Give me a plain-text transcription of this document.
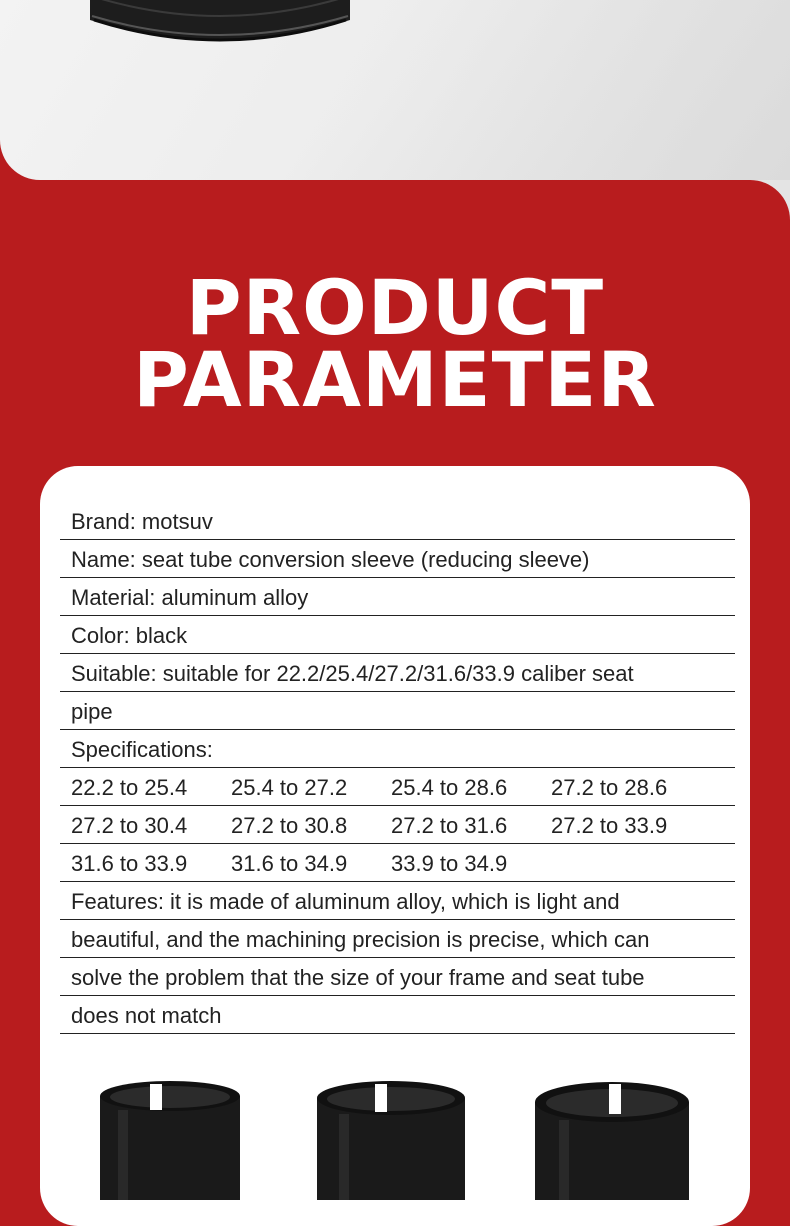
PRODUCT
PARAMETER
Brand: motsuv
Name: seat tube conversion sleeve (reducing sleeve)
Material: aluminum alloy
Color: black
Suitable: suitable for 22.2/25.4/27.2/31.6/33.9 caliber seat
pipe
Specifications:
22.2 to 25.4	25.4 to 27.2	25.4 to 28.6	27.2 to 28.6
27.2 to 30.4	27.2 to 30.8	27.2 to 31.6	27.2 to 33.9
31.6 to 33.9	31.6 to 34.9	33.9 to 34.9
Features: it is made of aluminum alloy, which is light and
beautiful, and the machining precision is precise, which can
solve the problem that the size of your frame and seat tube
does not match
